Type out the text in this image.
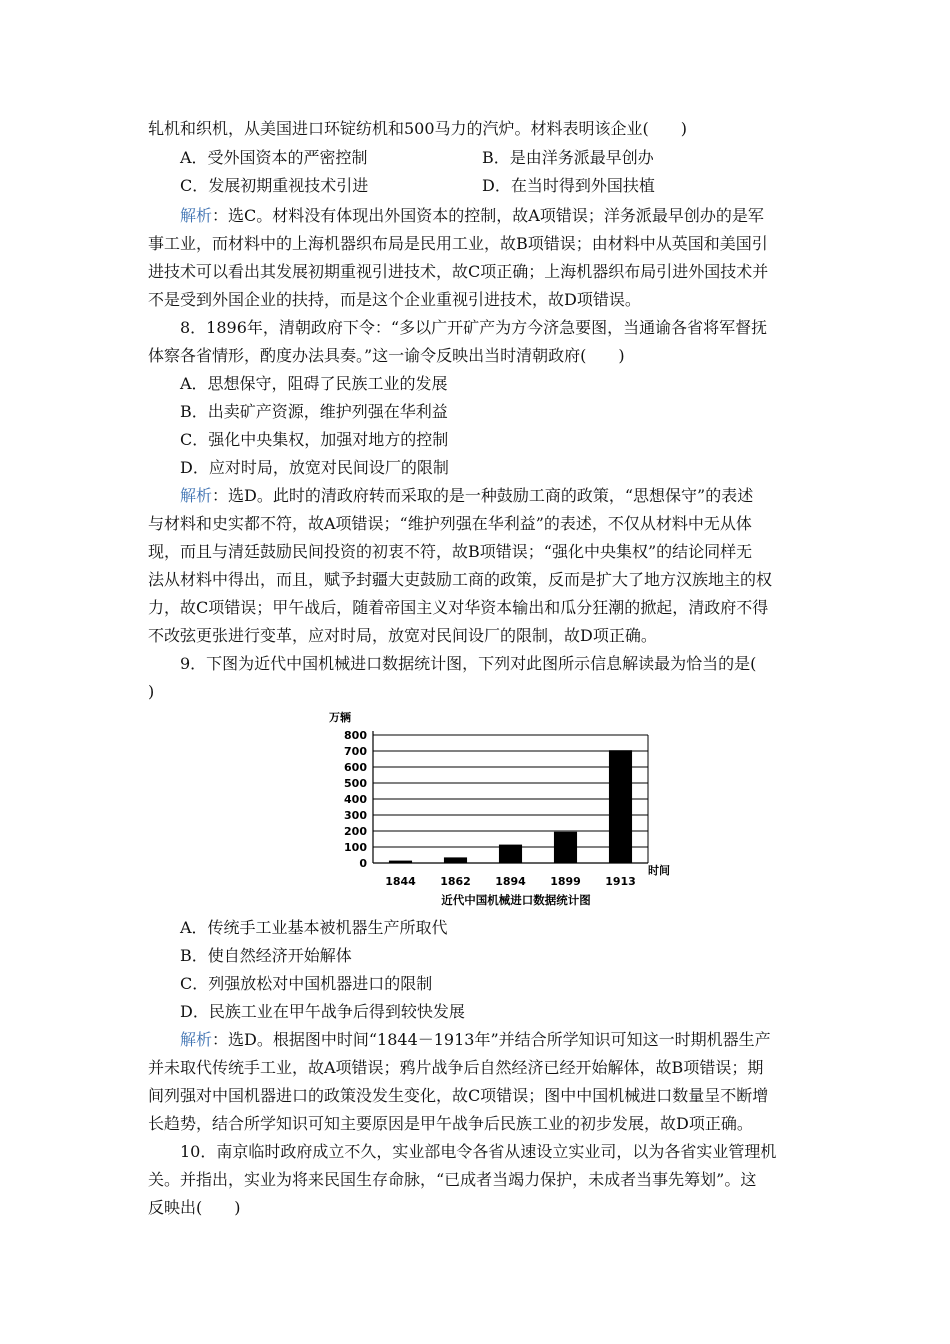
轧机和织机，从美国进口环锭纺机和500马力的汽炉。材料表明该企业(　　)
A．受外国资本的严密控制	B．是由洋务派最早创办
C．发展初期重视技术引进	D．在当时得到外国扶植
解析：选C。材料没有体现出外国资本的控制，故A项错误；洋务派最早创办的是军
事工业，而材料中的上海机器织布局是民用工业，故B项错误；由材料中从英国和美国引
进技术可以看出其发展初期重视引进技术，故C项正确；上海机器织布局引进外国技术并
不是受到外国企业的扶持，而是这个企业重视引进技术，故D项错误。
8．1896年，清朝政府下令：“多以广开矿产为方今济急要图，当通谕各省将军督抚
体察各省情形，酌度办法具奏。”这一谕令反映出当时清朝政府(　　)
A．思想保守，阻碍了民族工业的发展
B．出卖矿产资源，维护列强在华利益
C．强化中央集权，加强对地方的控制
D．应对时局，放宽对民间设厂的限制
解析：选D。此时的清政府转而采取的是一种鼓励工商的政策，“思想保守”的表述
与材料和史实都不符，故A项错误；“维护列强在华利益”的表述，不仅从材料中无从体
现，而且与清廷鼓励民间投资的初衷不符，故B项错误；“强化中央集权”的结论同样无
法从材料中得出，而且，赋予封疆大吏鼓励工商的政策，反而是扩大了地方汉族地主的权
力，故C项错误；甲午战后，随着帝国主义对华资本输出和瓜分狂潮的掀起，清政府不得
不改弦更张进行变革，应对时局，放宽对民间设厂的限制，故D项正确。
9．下图为近代中国机械进口数据统计图，下列对此图所示信息解读最为恰当的是(
)
0
100
200
300
400
500
600
700
800
1844 1862 1894 1899 1913
万辆
时间
近代中国机械进口数据统计图
A．传统手工业基本被机器生产所取代
B．使自然经济开始解体
C．列强放松对中国机器进口的限制
D．民族工业在甲午战争后得到较快发展
解析：选D。根据图中时间“1844－1913年”并结合所学知识可知这一时期机器生产
并未取代传统手工业，故A项错误；鸦片战争后自然经济已经开始解体，故B项错误；期
间列强对中国机器进口的政策没发生变化，故C项错误；图中中国机械进口数量呈不断增
长趋势，结合所学知识可知主要原因是甲午战争后民族工业的初步发展，故D项正确。
10．南京临时政府成立不久，实业部电令各省从速设立实业司，以为各省实业管理机
关。并指出，实业为将来民国生存命脉，“已成者当竭力保护，未成者当事先筹划”。这
反映出(　　)
